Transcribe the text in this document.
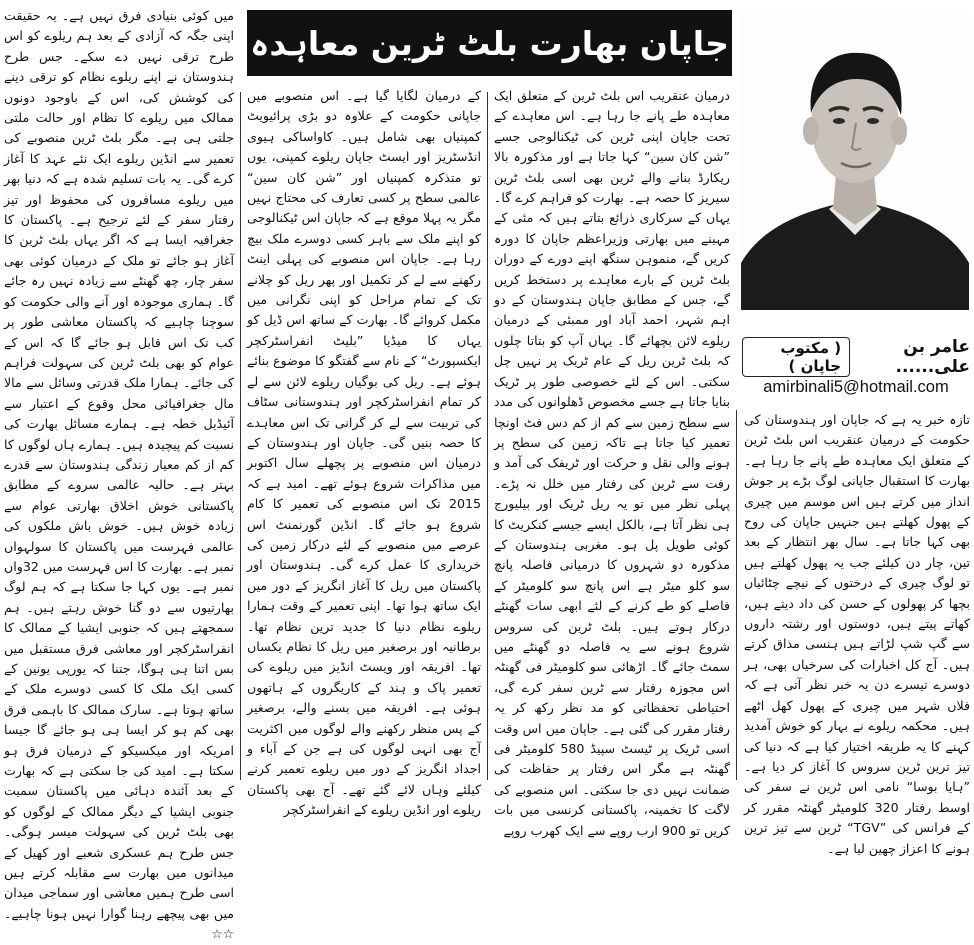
جاپان بھارت بلٹ ٹرین معاہدہ
عامر بن علی......
( مکتوب جاپان )
amirbinali5@hotmail.com

تازہ خبر یہ ہے کہ جاپان اور ہندوستان کی حکومت کے درمیان عنقریب اس بلٹ ٹرین کے متعلق ایک معاہدہ طے پانے جا رہا ہے۔ بھارت کا استقبال جاپانی لوگ بڑے پر جوش انداز میں کرتے ہیں اس موسم میں چیری کے پھول کھلتے ہیں جنہیں جاپان کی روح بھی کہا جاتا ہے۔ سال بھر انتظار کے بعد تین، چار دن کیلئے جب یہ پھول کھلتے ہیں تو لوگ چیری کے درختوں کے نیچے چٹائیاں بچھا کر پھولوں کے حسن کی داد دیتے ہیں، کھاتے پیتے ہیں، دوستوں اور رشتہ داروں سے گپ شپ لڑاتے ہیں ہنسی مذاق کرتے ہیں۔ آج کل اخبارات کی سرخیاں بھی، ہر دوسرے تیسرے دن یہ خبر نظر آتی ہے کہ فلاں شہر میں چیری کے پھول کھل اٹھے ہیں۔ محکمہ ریلوے نے بہار کو خوش آمدید کہنے کا یہ طریقہ اختیار کیا ہے کہ دنیا کی تیز ترین ٹرین سروس کا آغاز کر دیا ہے۔ ”ہایا بوسا“ نامی اس ٹرین نے سفر کی اوسط رفتار 320 کلومیٹر گھنٹہ مقرر کر کے فرانس کی ”TGV“ ٹرین سے تیز ترین ہونے کا اعزاز چھین لیا ہے۔

درمیان عنقریب اس بلٹ ٹرین کے متعلق ایک معاہدہ طے پانے جا رہا ہے۔ اس معاہدے کے تحت جاپان اپنی ٹرین کی ٹیکنالوجی جسے ”شن کان سین“ کہا جاتا ہے اور مذکورہ بالا ریکارڈ بنانے والے ٹرین بھی اسی بلٹ ٹرین سیریز کا حصہ ہے۔ بھارت کو فراہم کرے گا۔ یہاں کے سرکاری ذرائع بتاتے ہیں کہ مئی کے مہینے میں بھارتی وزیراعظم جاپان کا دورہ کریں گے، منموہن سنگھ اپنے دورے کے دوران بلٹ ٹرین کے بارے معاہدے پر دستخط کریں گے، جس کے مطابق جاپان ہندوستان کے دو اہم شہر، احمد آباد اور ممبئی کے درمیان ریلوے لائن بچھائے گا۔ یہاں آپ کو بتاتا چلوں کہ بلٹ ٹرین ریل کے عام ٹریک پر نہیں چل سکتی۔ اس کے لئے خصوصی طور پر ٹریک بنایا جاتا ہے جسے مخصوص ڈھلوانوں کی مدد سے سطح زمین سے کم از کم دس فٹ اونچا تعمیر کیا جاتا ہے تاکہ زمین کی سطح پر ہونے والی نقل و حرکت اور ٹریفک کی آمد و رفت سے ٹرین کی رفتار میں خلل نہ پڑے۔ پہلی نظر میں تو یہ ریل ٹریک اور بیلیورج ہی نظر آتا ہے، بالکل ایسے جیسے کنکریٹ کا کوئی طویل پل ہو۔ مغربی ہندوستان کے مذکورہ دو شہروں کا درمیانی فاصلہ پانچ سو کلو میٹر ہے اس پانچ سو کلومیٹر کے فاصلے کو طے کرنے کے لئے ابھی سات گھنٹے درکار ہوتے ہیں۔ بلٹ ٹرین کی سروس شروع ہونے سے یہ فاصلہ دو گھنٹے میں سمٹ جائے گا۔ اڑھائی سو کلومیٹر فی گھنٹہ اس مجوزہ رفتار سے ٹرین سفر کرے گی، احتیاطی تحفظاتی کو مد نظر رکھ کر یہ رفتار مقرر کی گئی ہے۔ جاپان میں اس وقت اسی ٹریک پر ٹیسٹ سپیڈ 580 کلومیٹر فی گھنٹہ ہے مگر اس رفتار پر حفاظت کی ضمانت نہیں دی جا سکتی۔ اس منصوبے کی لاگت کا تخمینہ، پاکستانی کرنسی میں بات کریں تو 900 ارب روپے سے ایک کھرب روپے

کے درمیان لگایا گیا ہے۔ اس منصوبے میں جاپانی حکومت کے علاوہ دو بڑی پرائیویٹ کمپنیاں بھی شامل ہیں۔ کاواساکی ہیوی انڈسٹریز اور ایسٹ جاپان ریلوے کمپنی، یوں تو متذکرہ کمپنیاں اور ”شن کان سین“ عالمی سطح پر کسی تعارف کی محتاج نہیں مگر یہ پہلا موقع ہے کہ جاپان اس ٹیکنالوجی کو اپنے ملک سے باہر کسی دوسرے ملک بیچ رہا ہے۔ جاپان اس منصوبے کی پہلی اینٹ رکھنے سے لے کر تکمیل اور پھر ریل کو چلانے تک کے تمام مراحل کو اپنی نگرانی میں مکمل کروائے گا۔ بھارت کے ساتھ اس ڈیل کو یہاں کا میڈیا ”بلیٹ انفراسٹرکچر ایکسپورٹ“ کے نام سے گفتگو کا موضوع بنائے ہوئے ہے۔ ریل کی بوگیاں ریلوے لائن سے لے کر تمام انفراسٹرکچر اور ہندوستانی سٹاف کی تربیت سے لے کر گرانی تک اس معاہدے کا حصہ بنیں گی۔ جاپان اور ہندوستان کے درمیان اس منصوبے پر پچھلے سال اکتوبر میں مذاکرات شروع ہوئے تھے۔ امید ہے کہ 2015 تک اس منصوبے کی تعمیر کا کام شروع ہو جائے گا۔ انڈین گورنمنٹ اس عرصے میں منصوبے کے لئے درکار زمین کی خریداری کا عمل کرے گی۔ ہندوستان اور پاکستان میں ریل کا آغاز انگریز کے دور میں ایک ساتھ ہوا تھا۔ اپنی تعمیر کے وقت ہمارا ریلوے نظام دنیا کا جدید ترین نظام تھا۔ برطانیہ اور برصغیر میں ریل کا نظام یکساں تھا۔ افریقہ اور ویسٹ انڈیز میں ریلوے کی تعمیر پاک و ہند کے کاریگروں کے ہاتھوں ہوئی ہے۔ افریقہ میں بسنے والے، برصغیر کے پس منظر رکھنے والے لوگوں میں اکثریت آج بھی انہی لوگوں کی ہے جن کے آباء و اجداد انگریز کے دور میں ریلوے تعمیر کرنے کیلئے وہاں لائے گئے تھے۔ آج بھی پاکستان ریلوے اور انڈین ریلوے کے انفراسٹرکچر

میں کوئی بنیادی فرق نہیں ہے۔ یہ حقیقت اپنی جگہ کہ آزادی کے بعد ہم ریلوے کو اس طرح ترقی نہیں دے سکے۔ جس طرح ہندوستان نے اپنے ریلوے نظام کو ترقی دینے کی کوشش کی، اس کے باوجود دونوں ممالک میں ریلوے کا نظام اور حالت ملتی جلتی ہی ہے۔ مگر بلٹ ٹرین منصوبے کی تعمیر سے انڈین ریلوے ایک نئے عہد کا آغاز کرے گی۔ یہ بات تسلیم شدہ ہے کہ دنیا بھر میں ریلوے مسافروں کی محفوظ اور تیز رفتار سفر کے لئے ترجیح ہے۔ پاکستان کا جغرافیہ ایسا ہے کہ اگر یہاں بلٹ ٹرین کا آغاز ہو جائے تو ملک کے درمیان کوئی بھی سفر چار، چھ گھنٹے سے زیادہ نہیں رہ جائے گا۔ ہماری موجودہ اور آنے والی حکومت کو سوچنا چاہیے کہ پاکستان معاشی طور پر کب تک اس قابل ہو جائے گا کہ اس کے عوام کو بھی بلٹ ٹرین کی سہولت فراہم کی جائے۔ ہمارا ملک قدرتی وسائل سے مالا مال جغرافیائی محل وقوع کے اعتبار سے آئیڈیل خطہ ہے۔ ہمارے مسائل بھارت کی نسبت کم پیچیدہ ہیں۔ ہمارے ہاں لوگوں کا کم از کم معیار زندگی ہندوستان سے قدرے بہتر ہے۔ حالیہ عالمی سروے کے مطابق پاکستانی خوش اخلاق بھارتی عوام سے زیادہ خوش ہیں۔ خوش باش ملکوں کی عالمی فہرست میں پاکستان کا سولہواں نمبر ہے۔ بھارت کا اس فہرست میں 32واں نمبر ہے۔ یوں کہا جا سکتا ہے کہ ہم لوگ بھارتیوں سے دو گنا خوش رہتے ہیں۔ ہم سمجھتے ہیں کہ جنوبی ایشیا کے ممالک کا انفراسٹرکچر اور معاشی فرق مستقبل میں بس اتنا ہی ہوگا، جتنا کہ یورپی یونین کے کسی ایک ملک کا کسی دوسرے ملک کے ساتھ ہوتا ہے۔ سارک ممالک کا باہمی فرق بھی کم ہو کر ایسا ہی ہو جائے گا جیسا امریکہ اور میکسیکو کے درمیان فرق ہو سکتا ہے۔ امید کی جا سکتی ہے کہ بھارت کے بعد آئندہ دہائی میں پاکستان سمیت جنوبی ایشیا کے دیگر ممالک کے لوگوں کو بھی بلٹ ٹرین کی سہولت میسر ہوگی۔ جس طرح ہم عسکری شعبے اور کھیل کے میدانوں میں بھارت سے مقابلہ کرتے ہیں اسی طرح ہمیں معاشی اور سماجی میدان میں بھی پیچھے رہنا گوارا نہیں ہونا چاہیے۔ ☆☆
